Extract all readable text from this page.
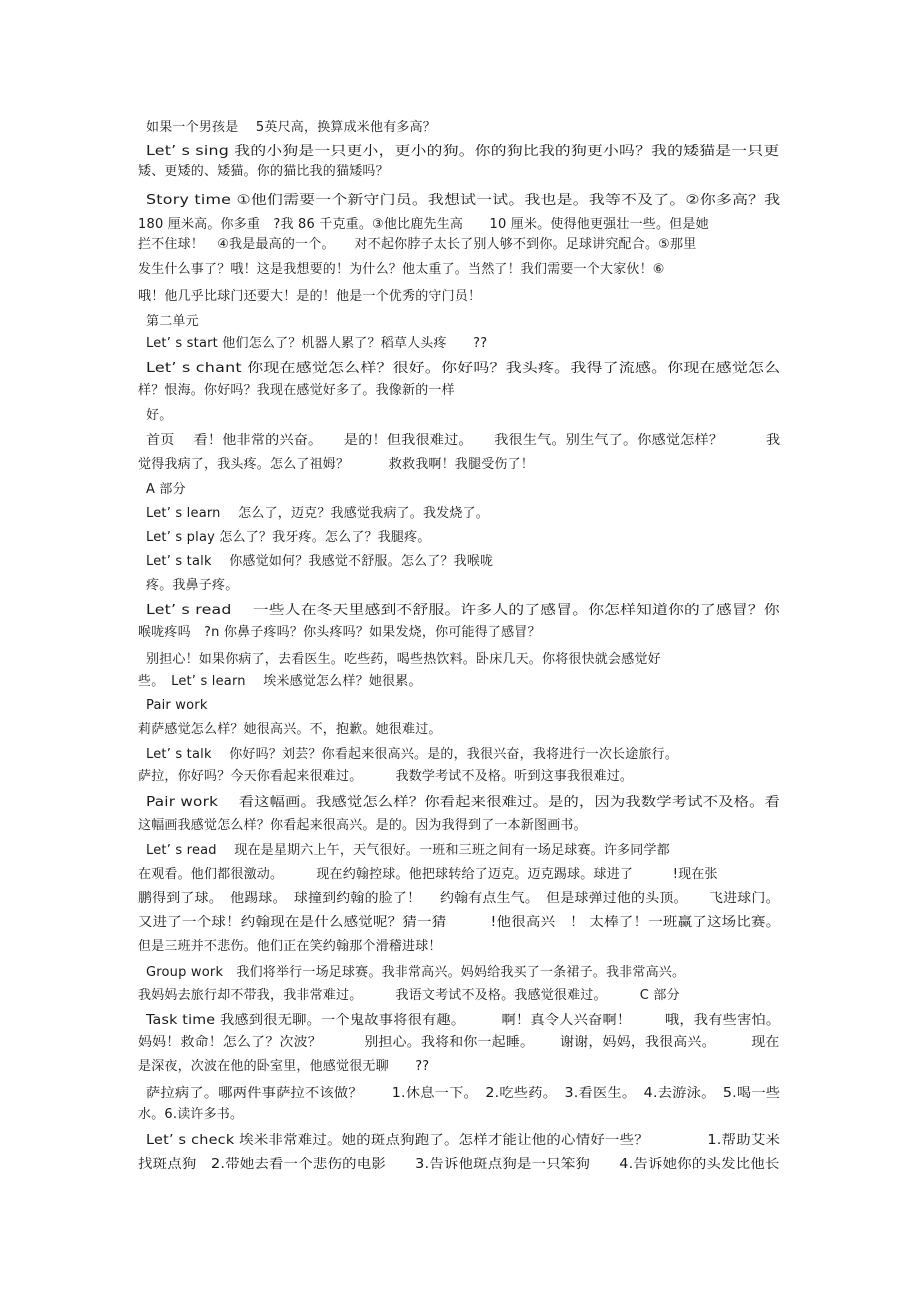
如果一个男孩是　 5英尺高，换算成米他有多高？
Let’ s sing 我的小狗是一只更小，更小的狗。你的狗比我的狗更小吗？我的矮猫是一只更
矮、更矮的、矮猫。你的猫比我的猫矮吗？
Story time ①他们需要一个新守门员。我想试一试。我也是。我等不及了。②你多高？我
180 厘米高。你多重　?我 86 千克重。③他比鹿先生高　　10 厘米。使得他更强壮一些。但是她
拦不住球！　④我是最高的一个。　　对不起你脖子太长了别人够不到你。足球讲究配合。⑤那里
发生什么事了？哦！这是我想要的！为什么？他太重了。当然了！我们需要一个大家伙！⑥
哦！他几乎比球门还要大！是的！他是一个优秀的守门员！
第二单元
Let’ s start 他们怎么了？机器人累了？稻草人头疼　　??
Let’ s chant 你现在感觉怎么样？很好。你好吗？我头疼。我得了流感。你现在感觉怎么
样？恨海。你好吗？我现在感觉好多了。我像新的一样
好。
首页　 看！他非常的兴奋。　　是的！但我很难过。　　我很生气。别生气了。你感觉怎样？　　　我
觉得我病了，我头疼。怎么了祖姆？　　　救救我啊！我腿受伤了！
A 部分
Let’ s learn　 怎么了，迈克？我感觉我病了。我发烧了。
Let’ s play 怎么了？我牙疼。怎么了？我腿疼。
Let’ s talk　 你感觉如何？我感觉不舒服。怎么了？我喉咙
疼。我鼻子疼。
Let’ s read　 一些人在冬天里感到不舒服。许多人的了感冒。你怎样知道你的了感冒？你
喉咙疼吗　?n 你鼻子疼吗？你头疼吗？如果发烧，你可能得了感冒？
别担心！如果你病了，去看医生。吃些药，喝些热饮料。卧床几天。你将很快就会感觉好
些。　Let’ s learn　 埃米感觉怎么样？她很累。
Pair work
莉萨感觉怎么样？她很高兴。不，抱歉。她很难过。
Let’ s talk　 你好吗？刘芸？你看起来很高兴。是的，我很兴奋，我将进行一次长途旅行。
萨拉，你好吗？今天你看起来很难过。　　　我数学考试不及格。听到这事我很难过。
Pair work　 看这幅画。我感觉怎么样？你看起来很难过。是的，因为我数学考试不及格。看
这幅画我感觉怎么样？你看起来很高兴。是的。因为我得到了一本新图画书。
Let’ s read　 现在是星期六上午，天气很好。一班和三班之间有一场足球赛。许多同学都
在观看。他们都很激动。　　　现在约翰控球。他把球转给了迈克。迈克踢球。球进了　　　!现在张
鹏得到了球。　他踢球。　球撞到约翰的脸了！　 约翰有点生气。　但是球弹过他的头顶。　　飞进球门。
又进了一个球！约翰现在是什么感觉呢？猜一猜　　　!他很高兴　！ 太棒了！一班赢了这场比赛。
但是三班并不悲伤。他们正在笑约翰那个滑稽进球！
Group work　我们将举行一场足球赛。我非常高兴。妈妈给我买了一条裙子。我非常高兴。
我妈妈去旅行却不带我，我非常难过。　　　我语文考试不及格。我感觉很难过。　　　C 部分
Task time 我感到很无聊。一个鬼故事将很有趣。　　　啊！真令人兴奋啊！　　 哦，我有些害怕。
妈妈！救命！怎么了？次波？　　　别担心。我将和你一起睡。　　 谢谢，妈妈，我很高兴。　　　现在
是深夜，次波在他的卧室里，他感觉很无聊　　??
萨拉病了。哪两件事萨拉不该做？　　1.休息一下。　2.吃些药。　3.看医生。　4.去游泳。　5.喝一些
水。6.读许多书。
Let’ s check 埃米非常难过。她的斑点狗跑了。怎样才能让他的心情好一些？　　　　1.帮助艾米
找斑点狗　2.带她去看一个悲伤的电影　　3.告诉他斑点狗是一只笨狗　　4.告诉她你的头发比他长
